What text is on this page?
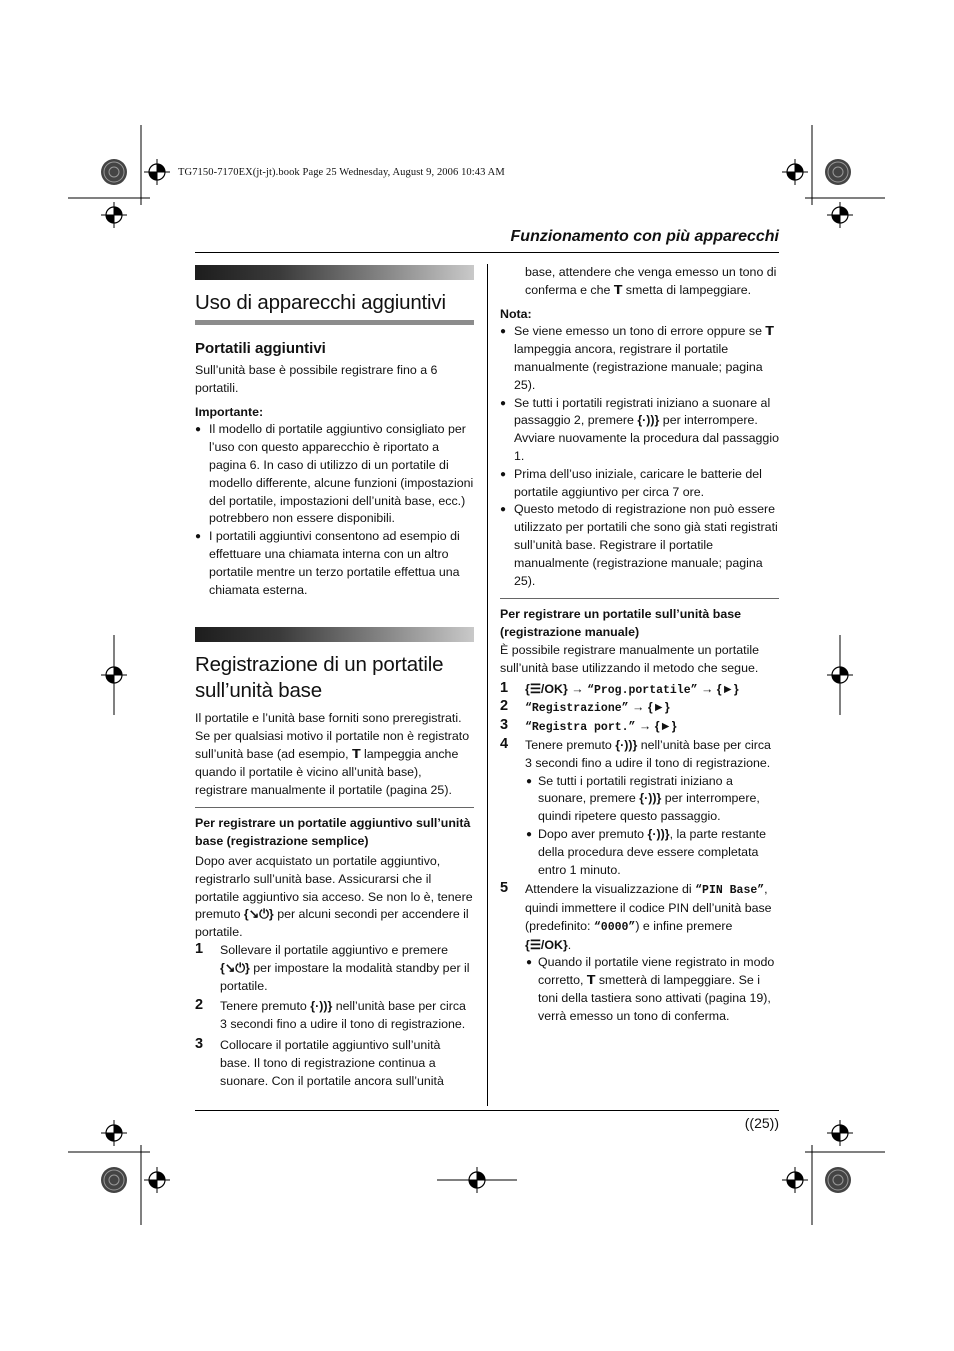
TG7150-7170EX(jt-jt).book Page 25 Wednesday, August 9, 2006 10:43 AM
Funzionamento con più apparecchi
((25))
Uso di apparecchi aggiuntivi
Portatili aggiuntivi

Sull’unità base è possibile registrare fino a 6 portatili.

Importante:

● Il modello di portatile aggiuntivo consigliato per l’uso con questo apparecchio è riportato a pagina 6. In caso di utilizzo di un portatile di modello differente, alcune funzioni (impostazioni del portatile, impostazioni dell’unità base, ecc.) potrebbero non essere disponibili.

● I portatili aggiuntivi consentono ad esempio di effettuare una chiamata interna con un altro portatile mentre un terzo portatile effettua una chiamata esterna.

Registrazione di un portatile sull’unità base

Il portatile e l’unità base forniti sono preregistrati. Se per qualsiasi motivo il portatile non è registrato sull’unità base (ad esempio, 𝗧 lampeggia anche quando il portatile è vicino all’unità base), registrare manualmente il portatile (pagina 25).

Per registrare un portatile aggiuntivo sull’unità base (registrazione semplice)

Dopo aver acquistato un portatile aggiuntivo, registrarlo sull’unità base. Assicurarsi che il portatile aggiuntivo sia acceso. Se non lo è, tenere premuto {↘⏻} per alcuni secondi per accendere il portatile.

1 Sollevare il portatile aggiuntivo e premere {↘⏻} per impostare la modalità standby per il portatile.
2 Tenere premuto {·))} nell’unità base per circa 3 secondi fino a udire il tono di registrazione.
3 Collocare il portatile aggiuntivo sull’unità base. Il tono di registrazione continua a suonare. Con il portatile ancora sull’unità

base, attendere che venga emesso un tono di conferma e che 𝗧 smetta di lampeggiare.

Nota:

● Se viene emesso un tono di errore oppure se 𝗧 lampeggia ancora, registrare il portatile manualmente (registrazione manuale; pagina 25).

● Se tutti i portatili registrati iniziano a suonare al passaggio 2, premere {·))} per interrompere. Avviare nuovamente la procedura dal passaggio 1.

● Prima dell’uso iniziale, caricare le batterie del portatile aggiuntivo per circa 7 ore.

● Questo metodo di registrazione non può essere utilizzato per portatili che sono già stati registrati sull’unità base. Registrare il portatile manualmente (registrazione manuale; pagina 25).

Per registrare un portatile sull’unità base (registrazione manuale)

È possibile registrare manualmente un portatile sull’unità base utilizzando il metodo che segue.

1 {☰/OK} → “Prog.portatile” → {►}
2 “Registrazione” → {►}
3 “Registra port.” → {►}
4 Tenere premuto {·))} nell’unità base per circa 3 secondi fino a udire il tono di registrazione.

● Se tutti i portatili registrati iniziano a suonare, premere {·))} per interrompere, quindi ripetere questo passaggio.

● Dopo aver premuto {·))}, la parte restante della procedura deve essere completata entro 1 minuto.

5 Attendere la visualizzazione di “PIN Base”, quindi immettere il codice PIN dell’unità base (predefinito: “0000”) e infine premere {☰/OK}.

● Quando il portatile viene registrato in modo corretto, 𝗧 smetterà di lampeggiare. Se i toni della tastiera sono attivati (pagina 19), verrà emesso un tono di conferma.
